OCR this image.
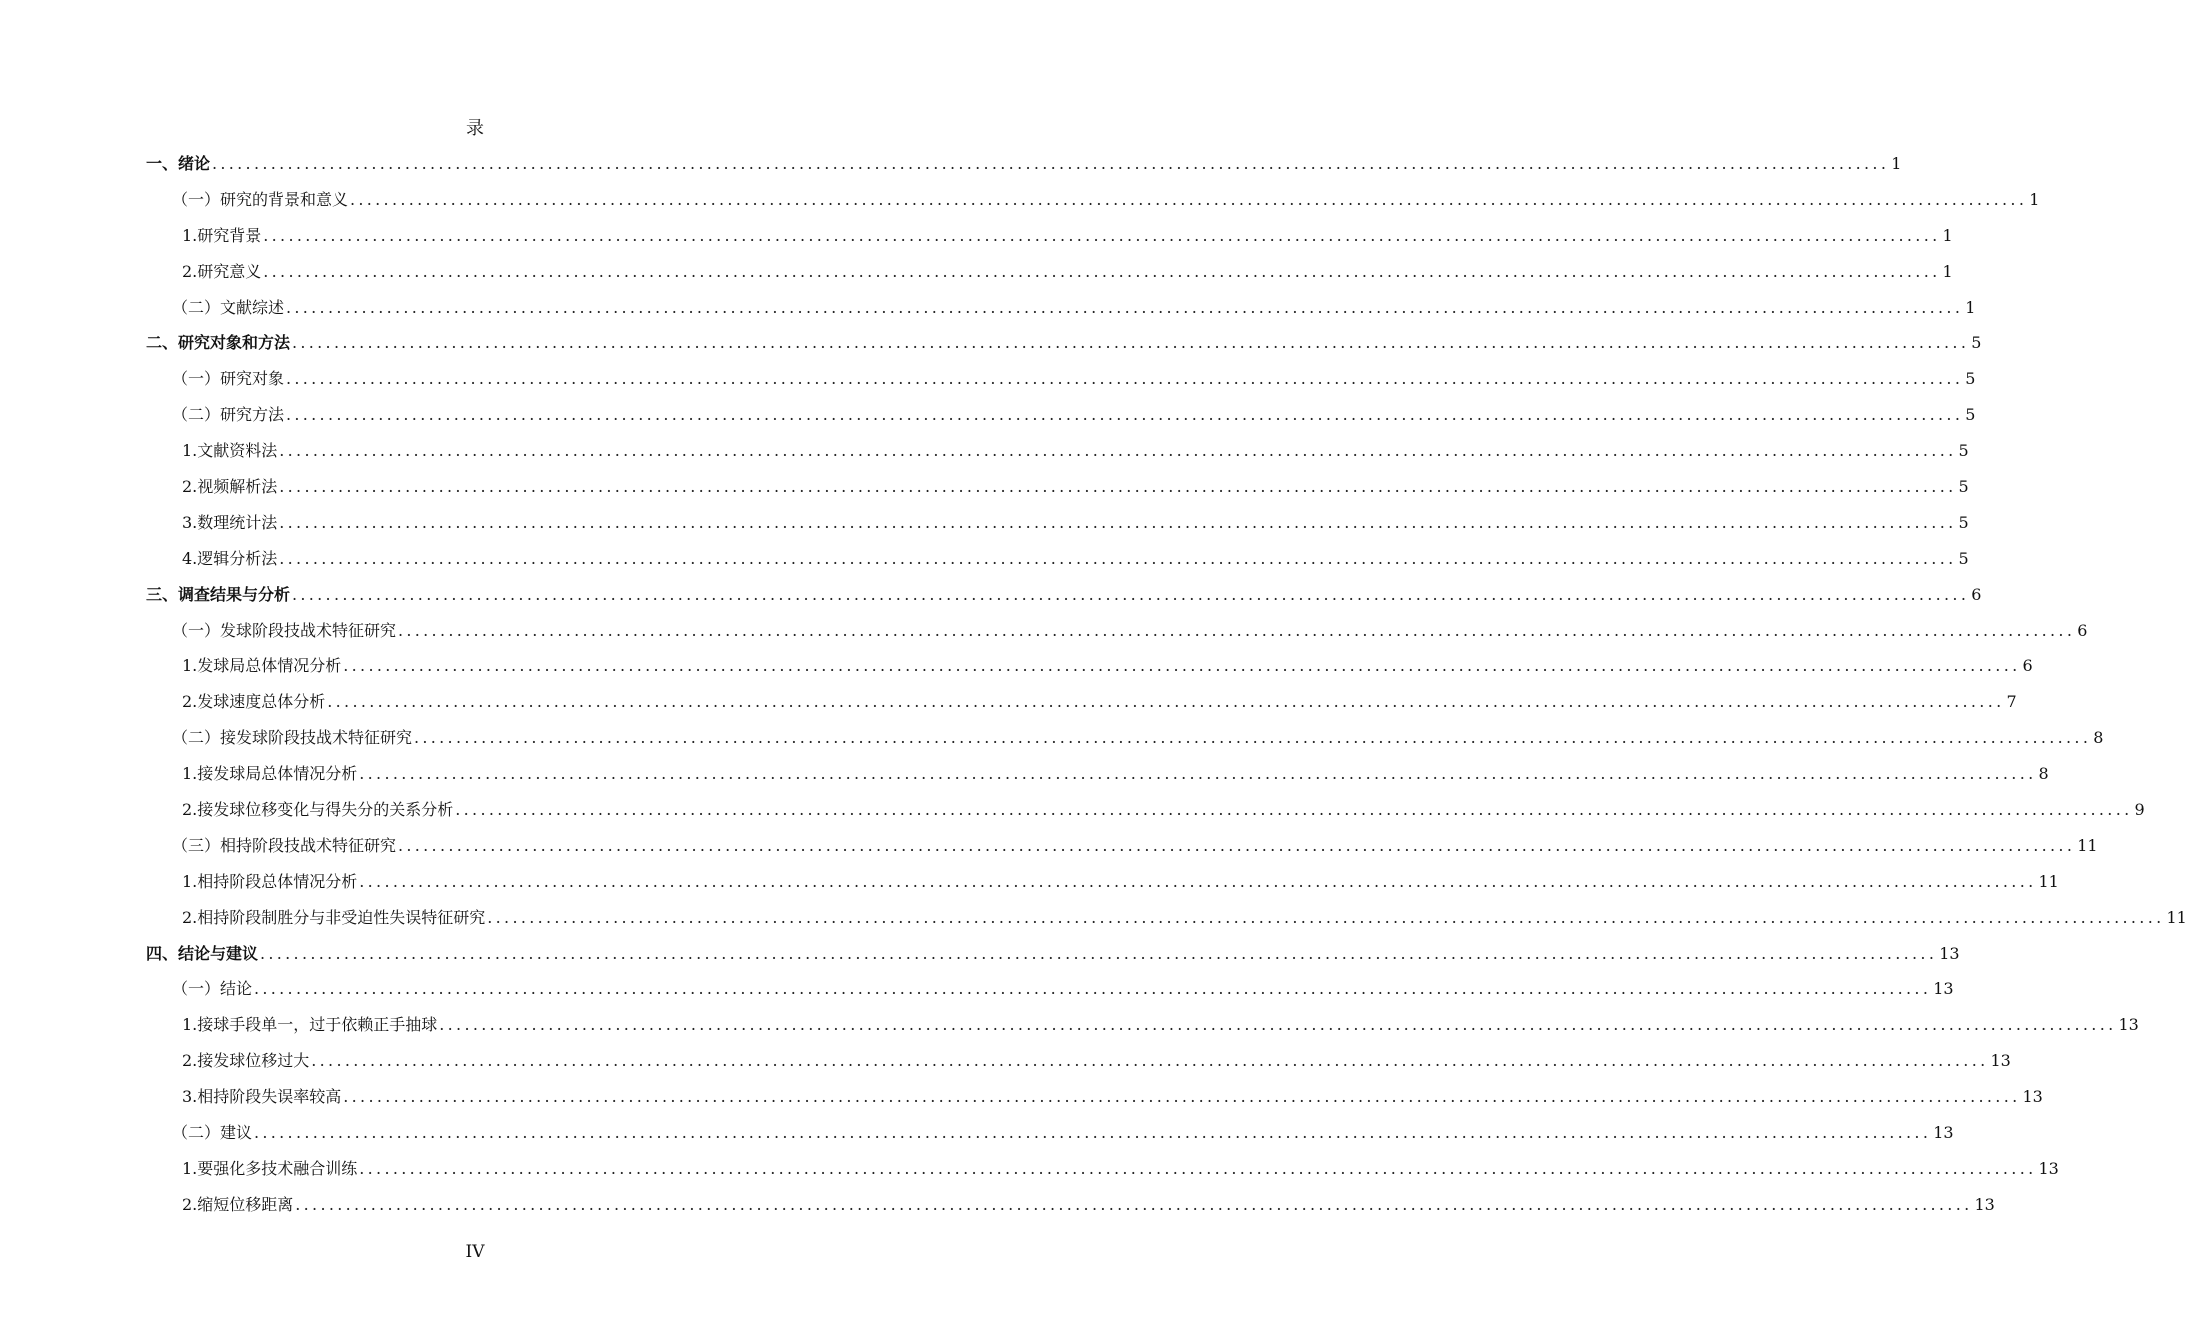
录
一、绪论 ........................................................................................................................................................................................................ 1
（一）研究的背景和意义 ........................................................................................................................................................................................................ 1
1.研究背景 ........................................................................................................................................................................................................ 1
2.研究意义 ........................................................................................................................................................................................................ 1
（二）文献综述 ........................................................................................................................................................................................................ 1
二、研究对象和方法 ........................................................................................................................................................................................................ 5
（一）研究对象 ........................................................................................................................................................................................................ 5
（二）研究方法 ........................................................................................................................................................................................................ 5
1.文献资料法 ........................................................................................................................................................................................................ 5
2.视频解析法 ........................................................................................................................................................................................................ 5
3.数理统计法 ........................................................................................................................................................................................................ 5
4.逻辑分析法 ........................................................................................................................................................................................................ 5
三、调查结果与分析 ........................................................................................................................................................................................................ 6
（一）发球阶段技战术特征研究 ........................................................................................................................................................................................................ 6
1.发球局总体情况分析 ........................................................................................................................................................................................................ 6
2.发球速度总体分析 ........................................................................................................................................................................................................ 7
（二）接发球阶段技战术特征研究 ........................................................................................................................................................................................................ 8
1.接发球局总体情况分析 ........................................................................................................................................................................................................ 8
2.接发球位移变化与得失分的关系分析 ........................................................................................................................................................................................................ 9
（三）相持阶段技战术特征研究 ........................................................................................................................................................................................................ 11
1.相持阶段总体情况分析 ........................................................................................................................................................................................................ 11
2.相持阶段制胜分与非受迫性失误特征研究 ........................................................................................................................................................................................................ 11
四、结论与建议 ........................................................................................................................................................................................................ 13
（一）结论 ........................................................................................................................................................................................................ 13
1.接球手段单一，过于依赖正手抽球 ........................................................................................................................................................................................................ 13
2.接发球位移过大 ........................................................................................................................................................................................................ 13
3.相持阶段失误率较高 ........................................................................................................................................................................................................ 13
（二）建议 ........................................................................................................................................................................................................ 13
1.要强化多技术融合训练 ........................................................................................................................................................................................................ 13
2.缩短位移距离 ........................................................................................................................................................................................................ 13
IV
